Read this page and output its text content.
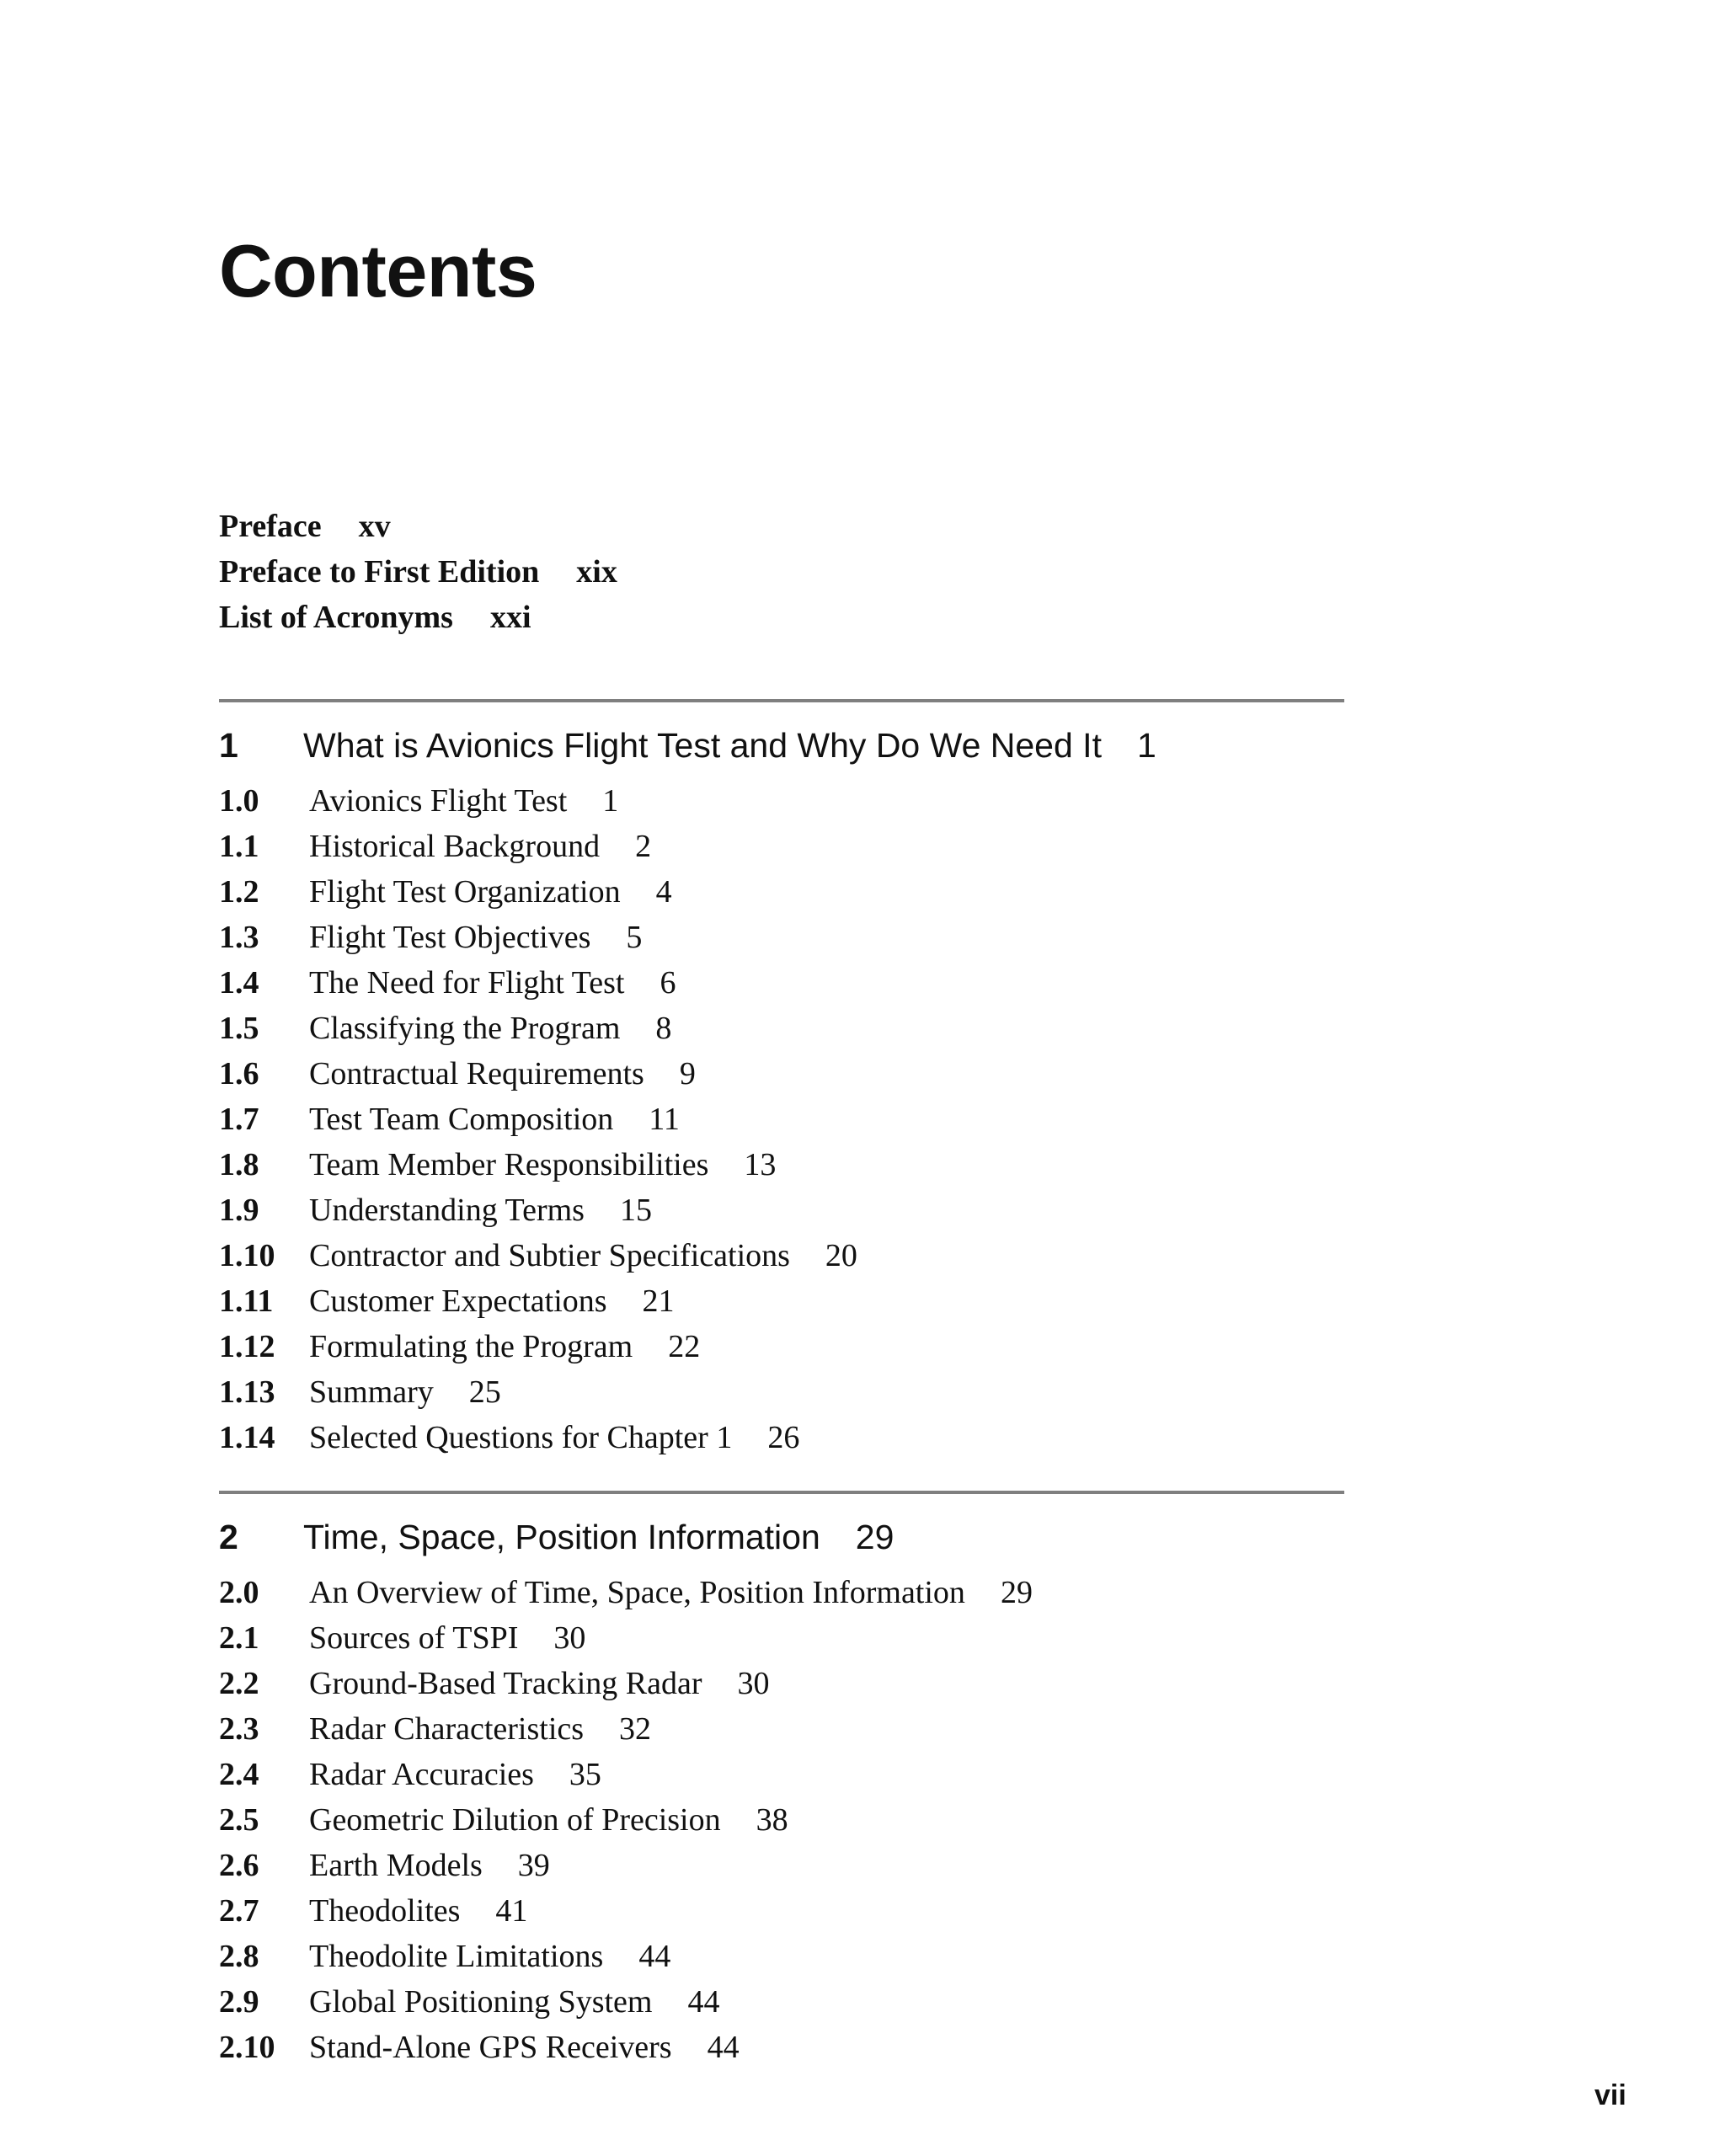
Contents
Preface xv
Preface to First Edition xix
List of Acronyms xxi
1 What is Avionics Flight Test and Why Do We Need It 1
1.0 Avionics Flight Test 1
1.1 Historical Background 2
1.2 Flight Test Organization 4
1.3 Flight Test Objectives 5
1.4 The Need for Flight Test 6
1.5 Classifying the Program 8
1.6 Contractual Requirements 9
1.7 Test Team Composition 11
1.8 Team Member Responsibilities 13
1.9 Understanding Terms 15
1.10 Contractor and Subtier Specifications 20
1.11 Customer Expectations 21
1.12 Formulating the Program 22
1.13 Summary 25
1.14 Selected Questions for Chapter 1 26
2 Time, Space, Position Information 29
2.0 An Overview of Time, Space, Position Information 29
2.1 Sources of TSPI 30
2.2 Ground-Based Tracking Radar 30
2.3 Radar Characteristics 32
2.4 Radar Accuracies 35
2.5 Geometric Dilution of Precision 38
2.6 Earth Models 39
2.7 Theodolites 41
2.8 Theodolite Limitations 44
2.9 Global Positioning System 44
2.10 Stand-Alone GPS Receivers 44
vii
